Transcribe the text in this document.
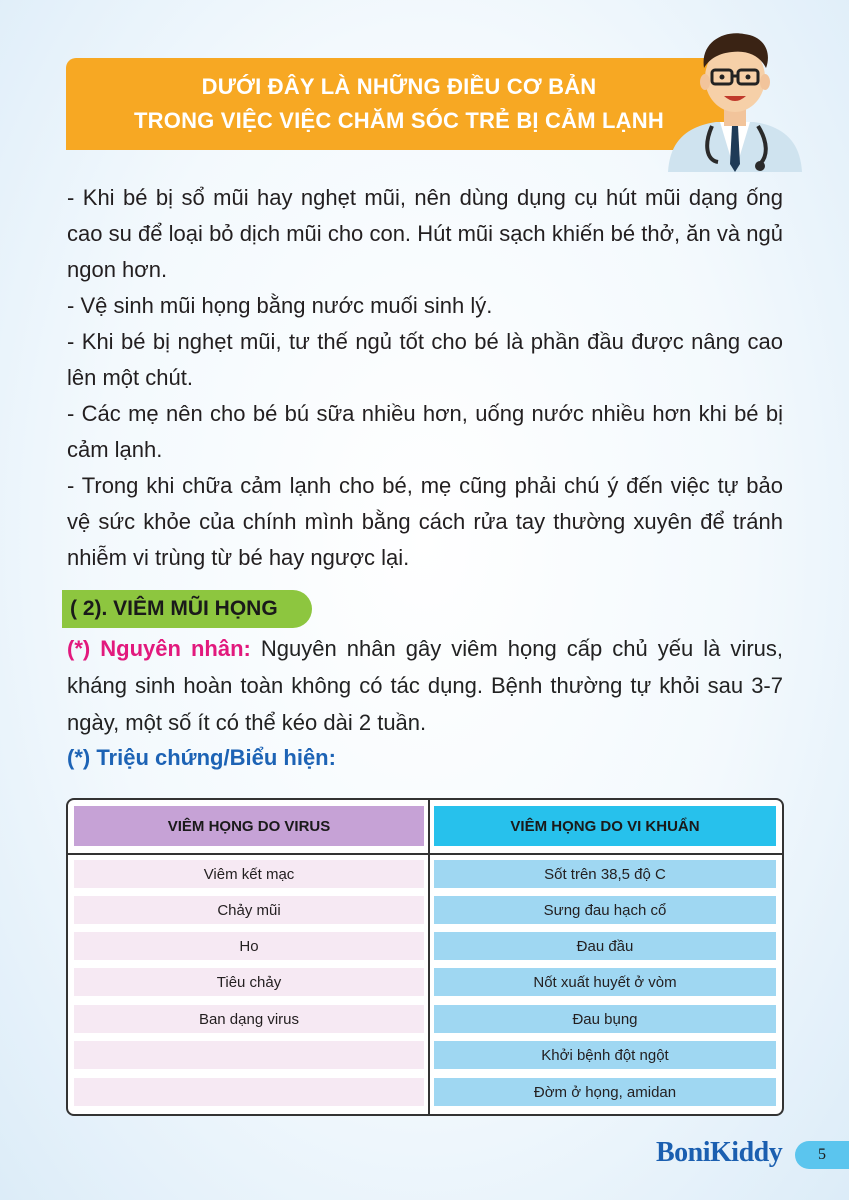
DƯỚI ĐÂY LÀ NHỮNG ĐIỀU CƠ BẢN
TRONG VIỆC VIỆC CHĂM SÓC TRẺ BỊ CẢM LẠNH

- Khi bé bị sổ mũi hay nghẹt mũi, nên dùng dụng cụ hút mũi dạng ống cao su để loại bỏ dịch mũi cho con. Hút mũi sạch khiến bé thở, ăn và ngủ ngon hơn.

- Vệ sinh mũi họng bằng nước muối sinh lý.

- Khi bé bị nghẹt mũi, tư thế ngủ tốt cho bé là phần đầu được nâng cao lên một chút.

- Các mẹ nên cho bé bú sữa nhiều hơn, uống nước nhiều hơn khi bé bị cảm lạnh.

- Trong khi chữa cảm lạnh cho bé, mẹ cũng phải chú ý đến việc tự bảo vệ sức khỏe của chính mình bằng cách rửa tay thường xuyên để tránh nhiễm vi trùng từ bé hay ngược lại.

( 2). VIÊM MŨI HỌNG
(*) Nguyên nhân: Nguyên nhân gây viêm họng cấp chủ yếu là virus, kháng sinh hoàn toàn không có tác dụng. Bệnh thường tự khỏi sau 3-7 ngày, một số ít có thể kéo dài 2 tuần.
(*) Triệu chứng/Biểu hiện:
VIÊM HỌNG DO VIRUS
Viêm kết mạc
Chảy mũi
Ho
Tiêu chảy
Ban dạng virus
VIÊM HỌNG DO VI KHUẨN
Sốt trên 38,5 độ C
Sưng đau hạch cổ
Đau đầu
Nốt xuất huyết ở vòm
Đau bụng
Khởi bệnh đột ngột
Đờm ở họng, amidan
BoniKiddy	5
